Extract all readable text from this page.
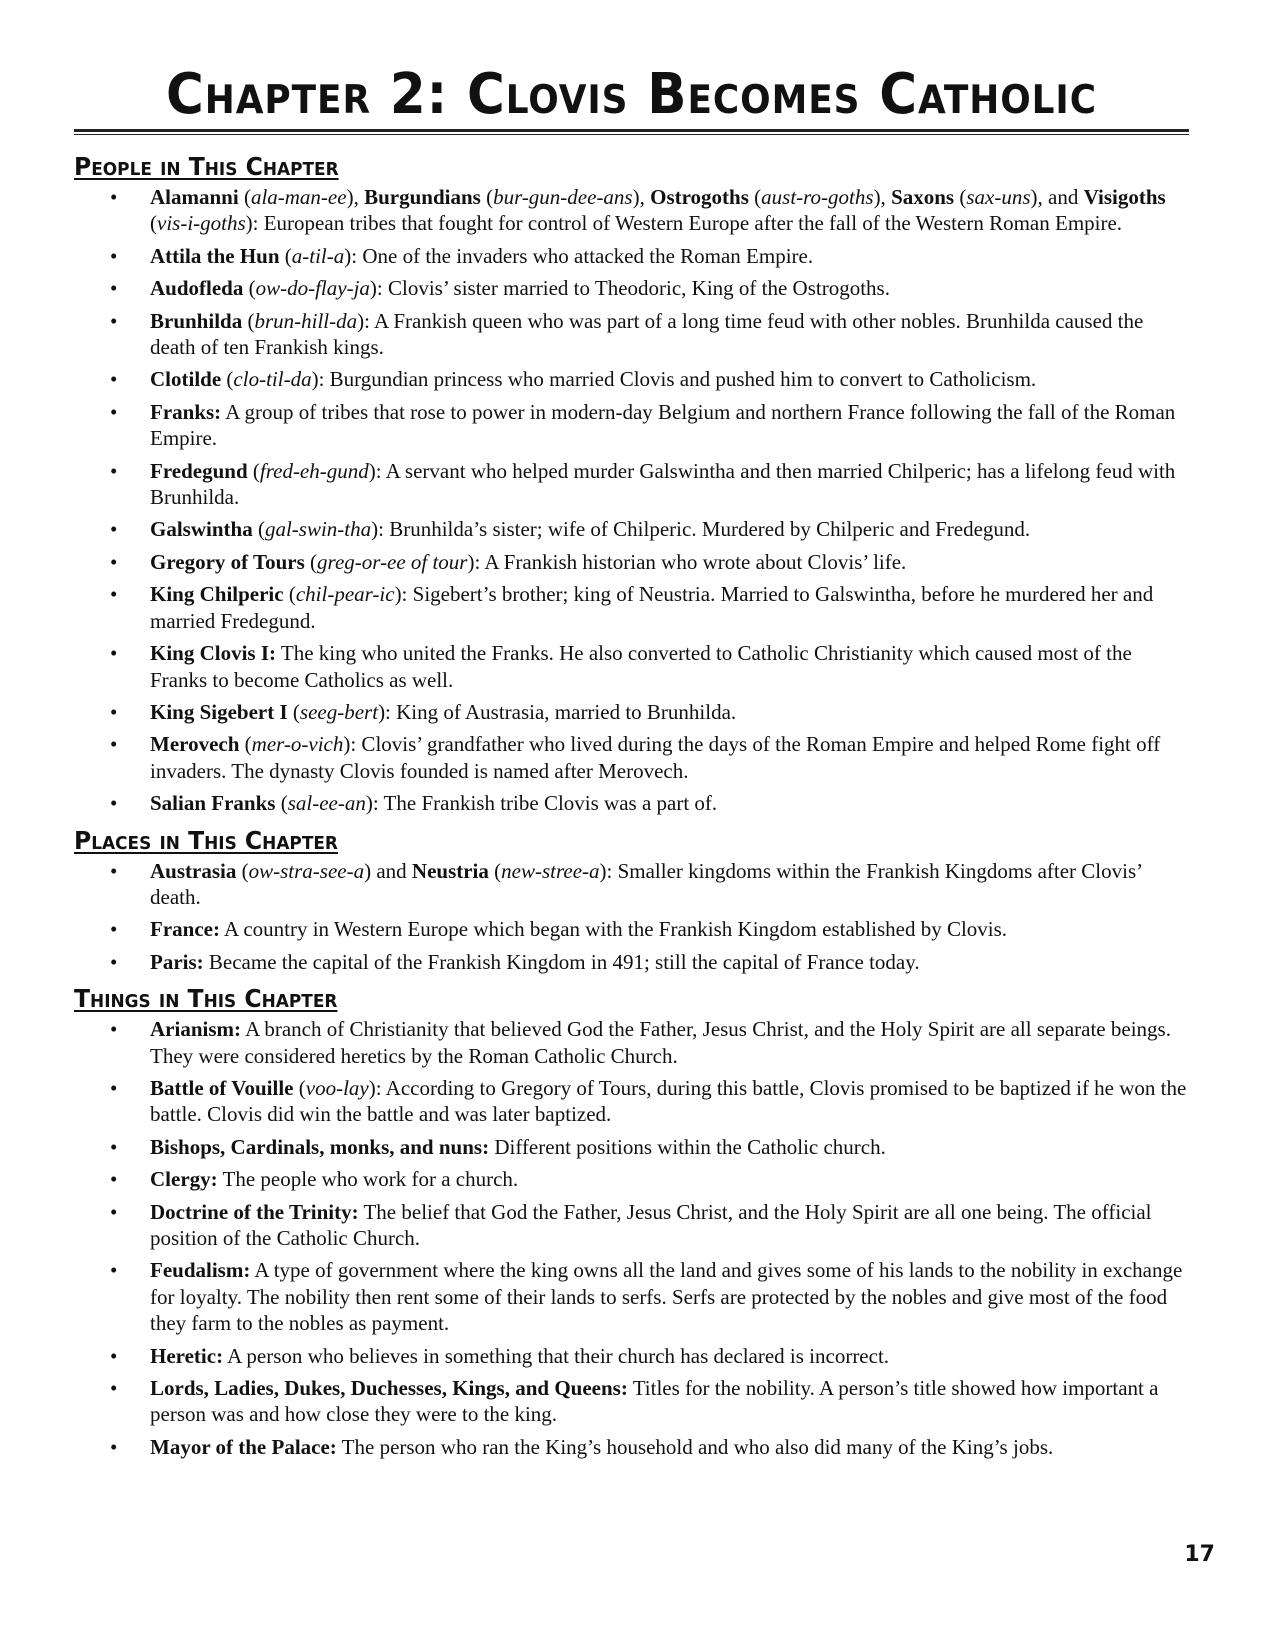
Chapter 2: Clovis Becomes Catholic
People in This Chapter
• Alamanni (ala-man-ee), Burgundians (bur-gun-dee-ans), Ostrogoths (aust-ro-goths), Saxons (sax-uns), and Visigoths (vis-i-goths): European tribes that fought for control of Western Europe after the fall of the Western Roman Empire.
• Attila the Hun (a-til-a): One of the invaders who attacked the Roman Empire.
• Audofleda (ow-do-flay-ja): Clovis’ sister married to Theodoric, King of the Ostrogoths.
• Brunhilda (brun-hill-da): A Frankish queen who was part of a long time feud with other nobles. Brunhilda caused the death of ten Frankish kings.
• Clotilde (clo-til-da): Burgundian princess who married Clovis and pushed him to convert to Catholicism.
• Franks: A group of tribes that rose to power in modern-day Belgium and northern France following the fall of the Roman Empire.
• Fredegund (fred-eh-gund): A servant who helped murder Galswintha and then married Chilperic; has a lifelong feud with Brunhilda.
• Galswintha (gal-swin-tha): Brunhilda’s sister; wife of Chilperic. Murdered by Chilperic and Fredegund.
• Gregory of Tours (greg-or-ee of tour): A Frankish historian who wrote about Clovis’ life.
• King Chilperic (chil-pear-ic): Sigebert’s brother; king of Neustria. Married to Galswintha, before he murdered her and married Fredegund.
• King Clovis I: The king who united the Franks. He also converted to Catholic Christianity which caused most of the Franks to become Catholics as well.
• King Sigebert I (seeg-bert): King of Austrasia, married to Brunhilda.
• Merovech (mer-o-vich): Clovis’ grandfather who lived during the days of the Roman Empire and helped Rome fight off invaders. The dynasty Clovis founded is named after Merovech.
• Salian Franks (sal-ee-an): The Frankish tribe Clovis was a part of.
Places in This Chapter
• Austrasia (ow-stra-see-a) and Neustria (new-stree-a): Smaller kingdoms within the Frankish Kingdoms after Clovis’ death.
• France: A country in Western Europe which began with the Frankish Kingdom established by Clovis.
• Paris: Became the capital of the Frankish Kingdom in 491; still the capital of France today.
Things in This Chapter
• Arianism: A branch of Christianity that believed God the Father, Jesus Christ, and the Holy Spirit are all separate beings. They were considered heretics by the Roman Catholic Church.
• Battle of Vouille (voo-lay): According to Gregory of Tours, during this battle, Clovis promised to be baptized if he won the battle. Clovis did win the battle and was later baptized.
• Bishops, Cardinals, monks, and nuns: Different positions within the Catholic church.
• Clergy: The people who work for a church.
• Doctrine of the Trinity: The belief that God the Father, Jesus Christ, and the Holy Spirit are all one being. The official position of the Catholic Church.
• Feudalism: A type of government where the king owns all the land and gives some of his lands to the nobility in exchange for loyalty. The nobility then rent some of their lands to serfs. Serfs are protected by the nobles and give most of the food they farm to the nobles as payment.
• Heretic: A person who believes in something that their church has declared is incorrect.
• Lords, Ladies, Dukes, Duchesses, Kings, and Queens: Titles for the nobility. A person’s title showed how important a person was and how close they were to the king.
• Mayor of the Palace: The person who ran the King’s household and who also did many of the King’s jobs.
17
